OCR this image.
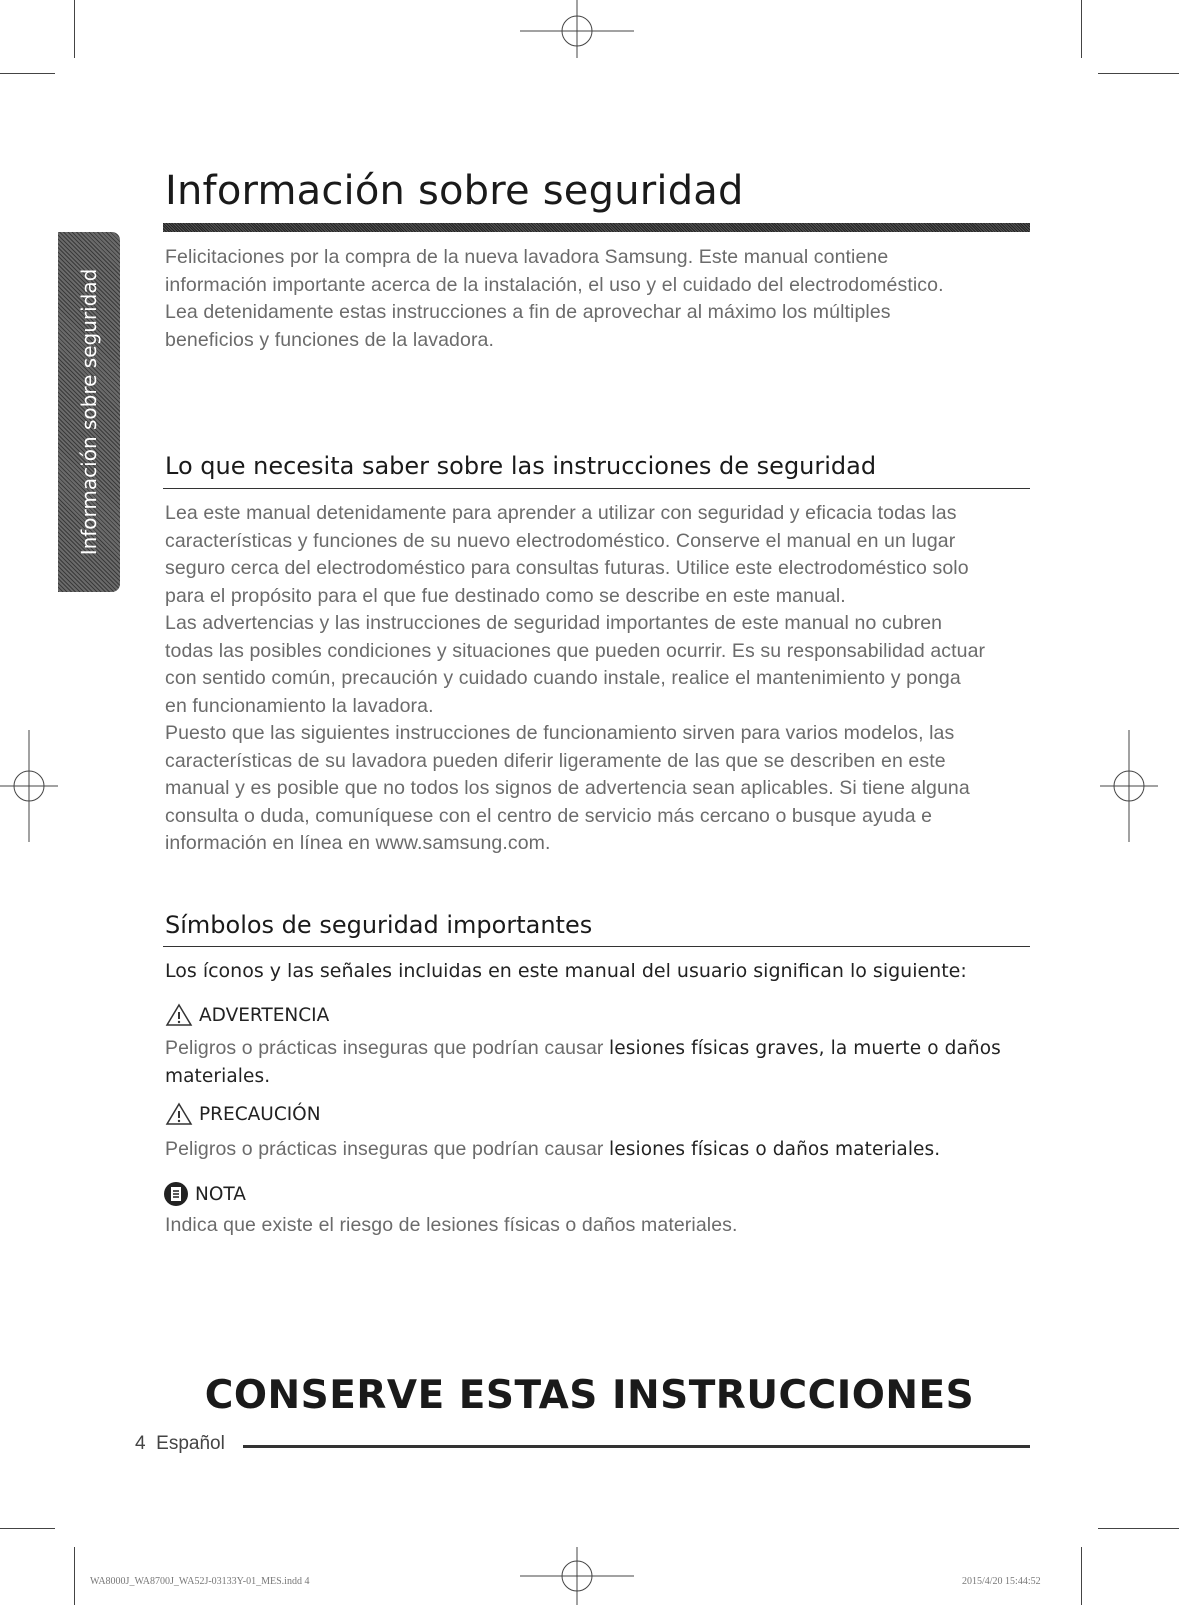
Información sobre seguridad
Información sobre seguridad

Felicitaciones por la compra de la nueva lavadora Samsung. Este manual contiene

información importante acerca de la instalación, el uso y el cuidado del electrodoméstico.

Lea detenidamente estas instrucciones a fin de aprovechar al máximo los múltiples

beneficios y funciones de la lavadora.

Lo que necesita saber sobre las instrucciones de seguridad

Lea este manual detenidamente para aprender a utilizar con seguridad y eficacia todas las

características y funciones de su nuevo electrodoméstico. Conserve el manual en un lugar

seguro cerca del electrodoméstico para consultas futuras. Utilice este electrodoméstico solo

para el propósito para el que fue destinado como se describe en este manual.

Las advertencias y las instrucciones de seguridad importantes de este manual no cubren

todas las posibles condiciones y situaciones que pueden ocurrir. Es su responsabilidad actuar

con sentido común, precaución y cuidado cuando instale, realice el mantenimiento y ponga

en funcionamiento la lavadora.

Puesto que las siguientes instrucciones de funcionamiento sirven para varios modelos, las

características de su lavadora pueden diferir ligeramente de las que se describen en este

manual y es posible que no todos los signos de advertencia sean aplicables. Si tiene alguna

consulta o duda, comuníquese con el centro de servicio más cercano o busque ayuda e

información en línea en www.samsung.com.

Símbolos de seguridad importantes
Los íconos y las señales incluidas en este manual del usuario significan lo siguiente:
ADVERTENCIA

Peligros o prácticas inseguras que podrían causar lesiones físicas graves, la muerte o daños

materiales.

PRECAUCIÓN

Peligros o prácticas inseguras que podrían causar lesiones físicas o daños materiales.

NOTA
Indica que existe el riesgo de lesiones físicas o daños materiales.
CONSERVE ESTAS INSTRUCCIONES
4 Español
WA8000J_WA8700J_WA52J-03133Y-01_MES.indd 4	2015/4/20 15:44:52
